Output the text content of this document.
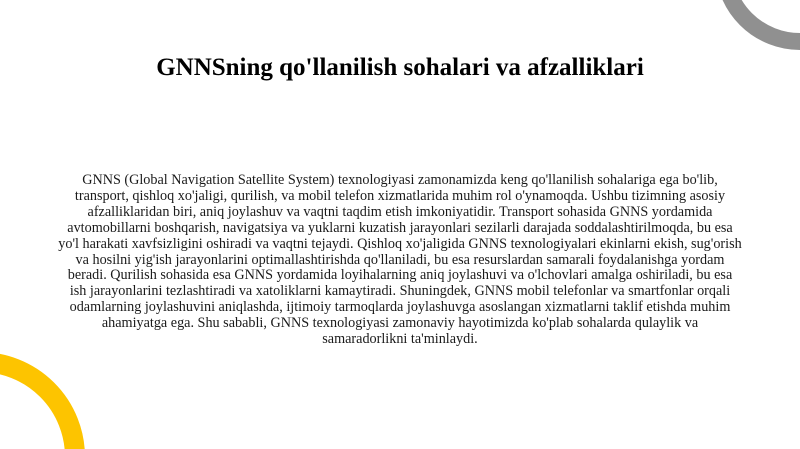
GNNSning qo'llanilish sohalari va afzalliklari

GNNS (Global Navigation Satellite System) texnologiyasi zamonamizda keng qo'llanilish sohalariga ega bo'lib, transport, qishloq xo'jaligi, qurilish, va mobil telefon xizmatlarida muhim rol o'ynamoqda. Ushbu tizimning asosiy afzalliklaridan biri, aniq joylashuv va vaqtni taqdim etish imkoniyatidir. Transport sohasida GNNS yordamida avtomobillarni boshqarish, navigatsiya va yuklarni kuzatish jarayonlari sezilarli darajada soddalashtirilmoqda, bu esa yo'l harakati xavfsizligini oshiradi va vaqtni tejaydi. Qishloq xo'jaligida GNNS texnologiyalari ekinlarni ekish, sug'orish va hosilni yig'ish jarayonlarini optimallashtirishda qo'llaniladi, bu esa resurslardan samarali foydalanishga yordam beradi. Qurilish sohasida esa GNNS yordamida loyihalarning aniq joylashuvi va o'lchovlari amalga oshiriladi, bu esa ish jarayonlarini tezlashtiradi va xatoliklarni kamaytiradi. Shuningdek, GNNS mobil telefonlar va smartfonlar orqali odamlarning joylashuvini aniqlashda, ijtimoiy tarmoqlarda joylashuvga asoslangan xizmatlarni taklif etishda muhim ahamiyatga ega. Shu sababli, GNNS texnologiyasi zamonaviy hayotimizda ko'plab sohalarda qulaylik va samaradorlikni ta'minlaydi.
